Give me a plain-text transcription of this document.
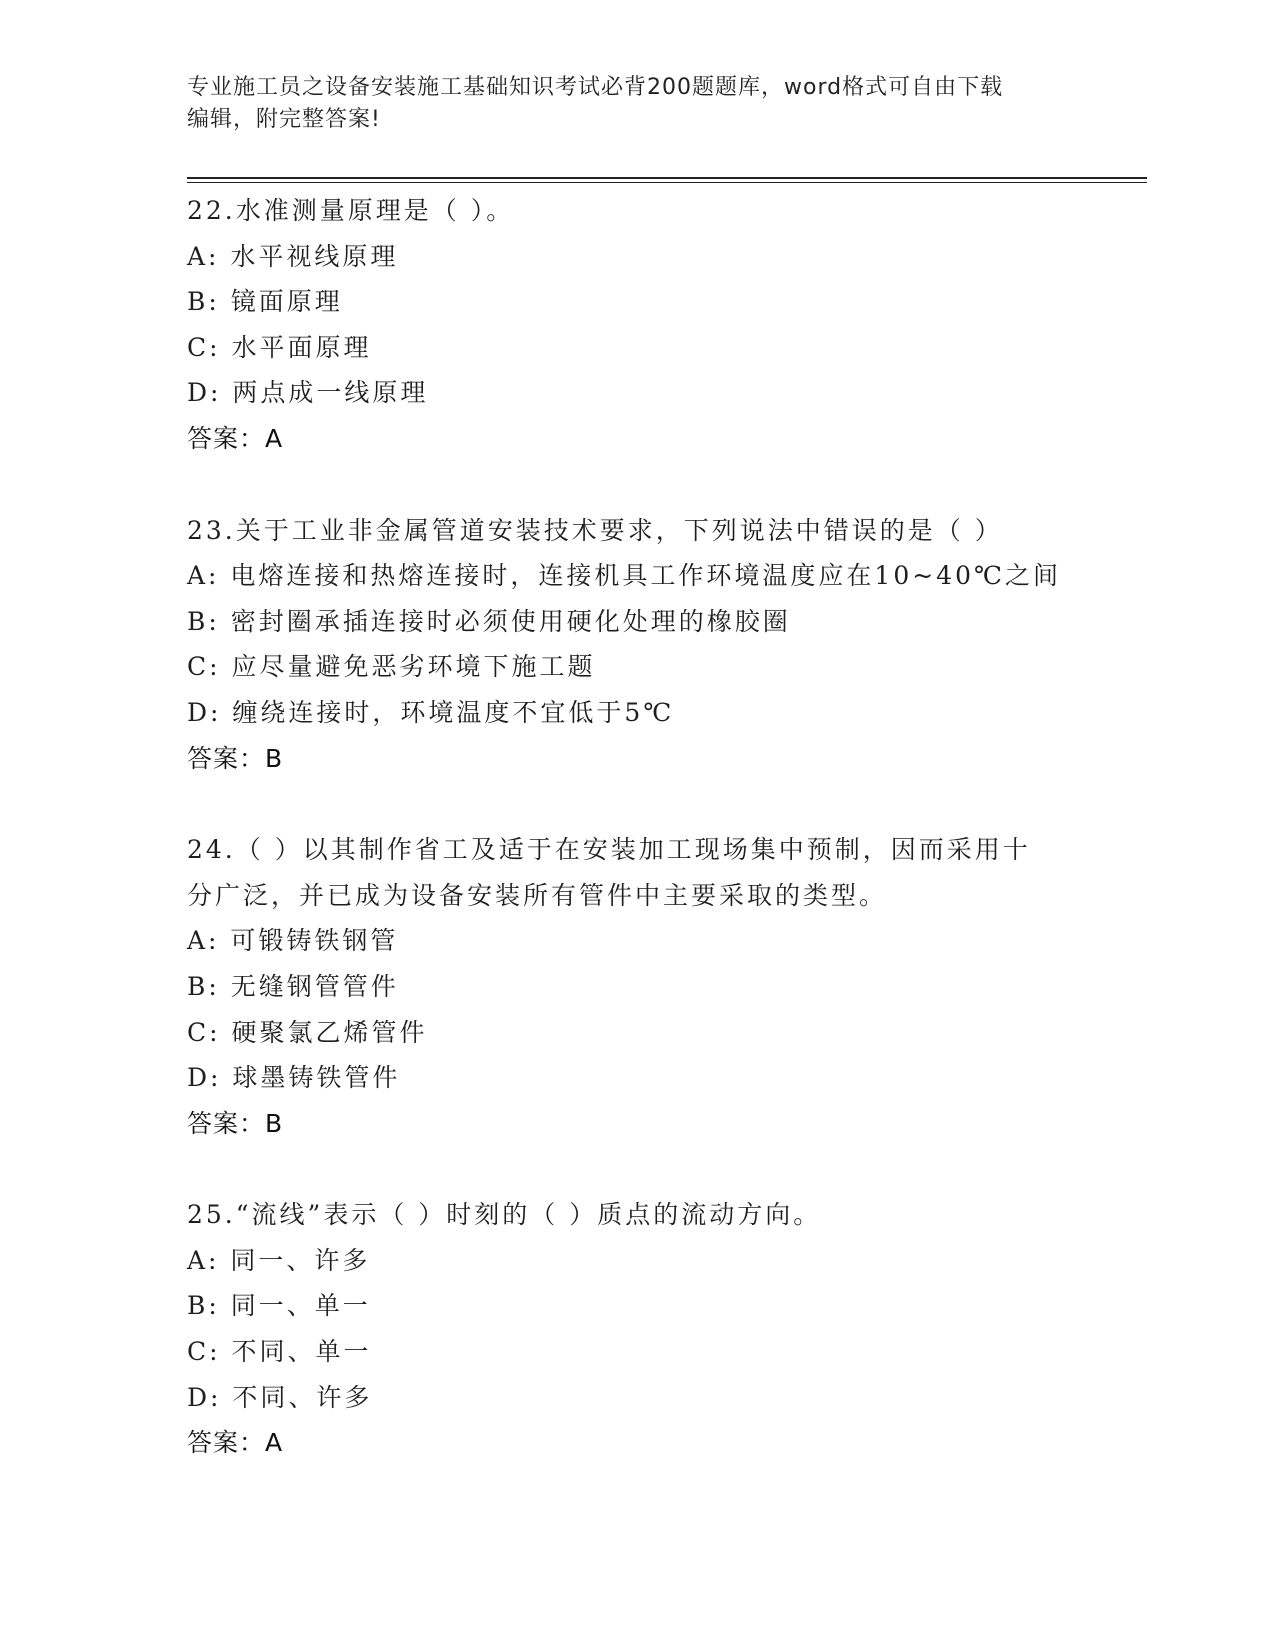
专业施工员之设备安装施工基础知识考试必背200题题库，word格式可自由下载
编辑，附完整答案!
22.水准测量原理是（ ）。
A: 水平视线原理
B: 镜面原理
C: 水平面原理
D: 两点成一线原理
答案：A
23.关于工业非金属管道安装技术要求，下列说法中错误的是（ ）
A: 电熔连接和热熔连接时，连接机具工作环境温度应在10~40℃之间
B: 密封圈承插连接时必须使用硬化处理的橡胶圈
C: 应尽量避免恶劣环境下施工题
D: 缠绕连接时，环境温度不宜低于5℃
答案：B
24.（ ）以其制作省工及适于在安装加工现场集中预制，因而采用十
分广泛，并已成为设备安装所有管件中主要采取的类型。
A: 可锻铸铁钢管
B: 无缝钢管管件
C: 硬聚氯乙烯管件
D: 球墨铸铁管件
答案：B
25.“流线”表示（ ）时刻的（ ）质点的流动方向。
A: 同一、许多
B: 同一、单一
C: 不同、单一
D: 不同、许多
答案：A
